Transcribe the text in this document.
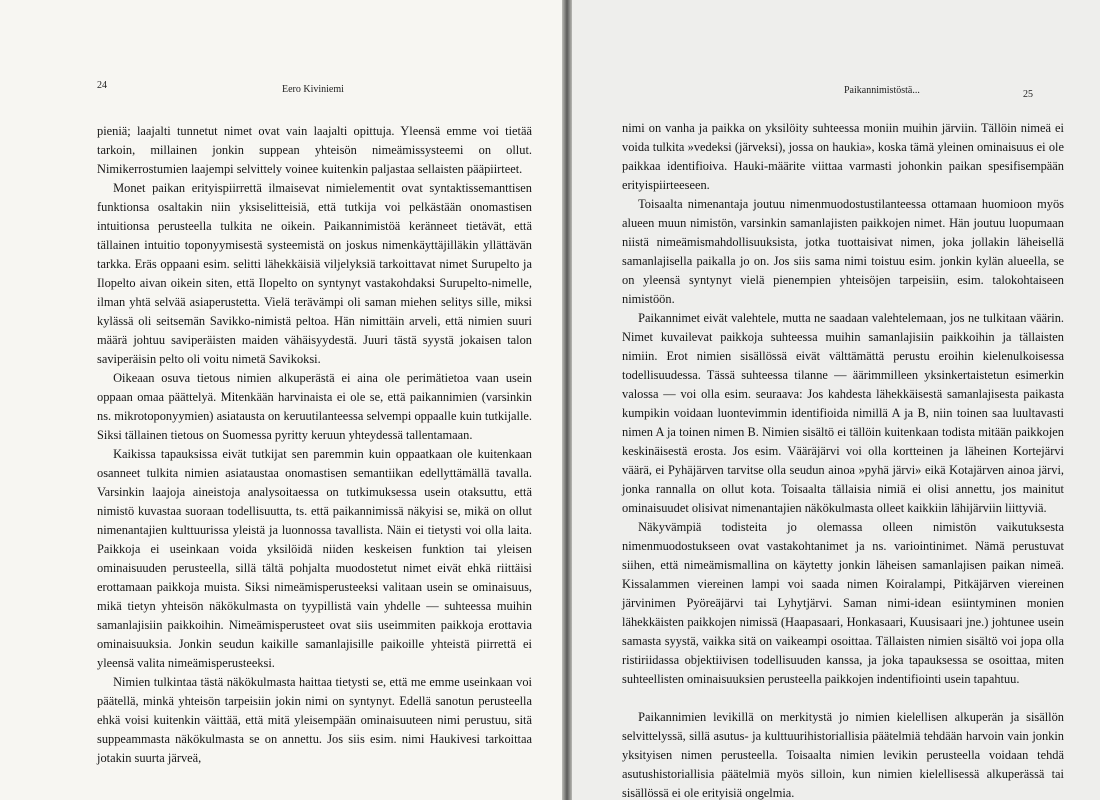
24	Eero Kiviniemi

pieniä; laajalti tunnetut nimet ovat vain laajalti opittuja. Yleensä emme voi tietää tarkoin, millainen jonkin suppean yhteisön nimeämissysteemi on ollut. Nimikerrostumien laajempi selvittely voinee kuitenkin paljastaa sellaisten pääpiirteet.

Monet paikan erityispiirrettä ilmaisevat nimielementit ovat syntaktissemanttisen funktionsa osaltakin niin yksiselitteisiä, että tutkija voi pelkästään onomastisen intuitionsa perusteella tulkita ne oikein. Paikannimistöä keränneet tietävät, että tällainen intuitio toponyymisestä systeemistä on joskus nimenkäyttäjilläkin yllättävän tarkka. Eräs oppaani esim. selitti lähekkäisiä viljelyksiä tarkoittavat nimet Surupelto ja Ilopelto aivan oikein siten, että Ilopelto on syntynyt vastakohdaksi Surupelto-nimelle, ilman yhtä selvää asiaperustetta. Vielä terävämpi oli saman miehen selitys sille, miksi kylässä oli seitsemän Savikko-nimistä peltoa. Hän nimittäin arveli, että nimien suuri määrä johtuu saviperäisten maiden vähäisyydestä. Juuri tästä syystä jokaisen talon saviperäisin pelto oli voitu nimetä Savikoksi.

Oikeaan osuva tietous nimien alkuperästä ei aina ole perimätietoa vaan usein oppaan omaa päättelyä. Mitenkään harvinaista ei ole se, että paikannimien (varsinkin ns. mikrotoponyymien) asiatausta on keruutilanteessa selvempi oppaalle kuin tutkijalle. Siksi tällainen tietous on Suomessa pyritty keruun yhteydessä tallentamaan.

Kaikissa tapauksissa eivät tutkijat sen paremmin kuin oppaatkaan ole kuitenkaan osanneet tulkita nimien asiataustaa onomastisen semantiikan edellyttämällä tavalla. Varsinkin laajoja aineistoja analysoitaessa on tutkimuksessa usein otaksuttu, että nimistö kuvastaa suoraan todellisuutta, ts. että paikannimissä näkyisi se, mikä on ollut nimenantajien kulttuurissa yleistä ja luonnossa tavallista. Näin ei tietysti voi olla laita. Paikkoja ei useinkaan voida yksilöidä niiden keskeisen funktion tai yleisen ominaisuuden perusteella, sillä tältä pohjalta muodostetut nimet eivät ehkä riittäisi erottamaan paikkoja muista. Siksi nimeämisperusteeksi valitaan usein se ominaisuus, mikä tietyn yhteisön näkökulmasta on tyypillistä vain yhdelle — suhteessa muihin samanlajisiin paikkoihin. Nimeämisperusteet ovat siis useimmiten paikkoja erottavia ominaisuuksia. Jonkin seudun kaikille samanlajisille paikoille yhteistä piirrettä ei yleensä valita nimeämisperusteeksi.

Nimien tulkintaa tästä näkökulmasta haittaa tietysti se, että me emme useinkaan voi päätellä, minkä yhteisön tarpeisiin jokin nimi on syntynyt. Edellä sanotun perusteella ehkä voisi kuitenkin väittää, että mitä yleisempään ominaisuuteen nimi perustuu, sitä suppeammasta näkökulmasta se on annettu. Jos siis esim. nimi Haukivesi tarkoittaa jotakin suurta järveä,

Paikannimistöstä...	25

nimi on vanha ja paikka on yksilöity suhteessa moniin muihin järviin. Tällöin nimeä ei voida tulkita »vedeksi (järveksi), jossa on haukia», koska tämä yleinen ominaisuus ei ole paikkaa identifioiva. Hauki-määrite viittaa varmasti johonkin paikan spesifisempään erityispiirteeseen.

Toisaalta nimenantaja joutuu nimenmuodostustilanteessa ottamaan huomioon myös alueen muun nimistön, varsinkin samanlajisten paikkojen nimet. Hän joutuu luopumaan niistä nimeämismahdollisuuksista, jotka tuottaisivat nimen, joka jollakin läheisellä samanlajisella paikalla jo on. Jos siis sama nimi toistuu esim. jonkin kylän alueella, se on yleensä syntynyt vielä pienempien yhteisöjen tarpeisiin, esim. talokohtaiseen nimistöön.

Paikannimet eivät valehtele, mutta ne saadaan valehtelemaan, jos ne tulkitaan väärin. Nimet kuvailevat paikkoja suhteessa muihin samanlajisiin paikkoihin ja tällaisten nimiin. Erot nimien sisällössä eivät välttämättä perustu eroihin kielenulkoisessa todellisuudessa. Tässä suhteessa tilanne — äärimmilleen yksinkertaistetun esimerkin valossa — voi olla esim. seuraava: Jos kahdesta lähekkäisestä samanlajisesta paikasta kumpikin voidaan luontevimmin identifioida nimillä A ja B, niin toinen saa luultavasti nimen A ja toinen nimen B. Nimien sisältö ei tällöin kuitenkaan todista mitään paikkojen keskinäisestä erosta. Jos esim. Vääräjärvi voi olla kortteinen ja läheinen Kortejärvi väärä, ei Pyhäjärven tarvitse olla seudun ainoa »pyhä järvi» eikä Kotajärven ainoa järvi, jonka rannalla on ollut kota. Toisaalta tällaisia nimiä ei olisi annettu, jos mainitut ominaisuudet olisivat nimenantajien näkökulmasta olleet kaikkiin lähijärviin liittyviä.

Näkyvämpiä todisteita jo olemassa olleen nimistön vaikutuksesta nimenmuodostukseen ovat vastakohtanimet ja ns. variointinimet. Nämä perustuvat siihen, että nimeämismallina on käytetty jonkin läheisen samanlajisen paikan nimeä. Kissalammen viereinen lampi voi saada nimen Koiralampi, Pitkäjärven viereinen järvinimen Pyöreäjärvi tai Lyhytjärvi. Saman nimi-idean esiintyminen monien lähekkäisten paikkojen nimissä (Haapasaari, Honkasaari, Kuusisaari jne.) johtunee usein samasta syystä, vaikka sitä on vaikeampi osoittaa. Tällaisten nimien sisältö voi jopa olla ristiriidassa objektiivisen todellisuuden kanssa, ja joka tapauksessa se osoittaa, miten suhteellisten ominaisuuksien perusteella paikkojen indentifiointi usein tapahtuu.

Paikannimien levikillä on merkitystä jo nimien kielellisen alkuperän ja sisällön selvittelyssä, sillä asutus- ja kulttuurihistoriallisia päätelmiä tehdään harvoin vain jonkin yksityisen nimen perusteella. Toisaalta nimien levikin perusteella voidaan tehdä asutushistoriallisia päätelmiä myös silloin, kun nimien kielellisessä alkuperässä tai sisällössä ei ole erityisiä ongelmia.
